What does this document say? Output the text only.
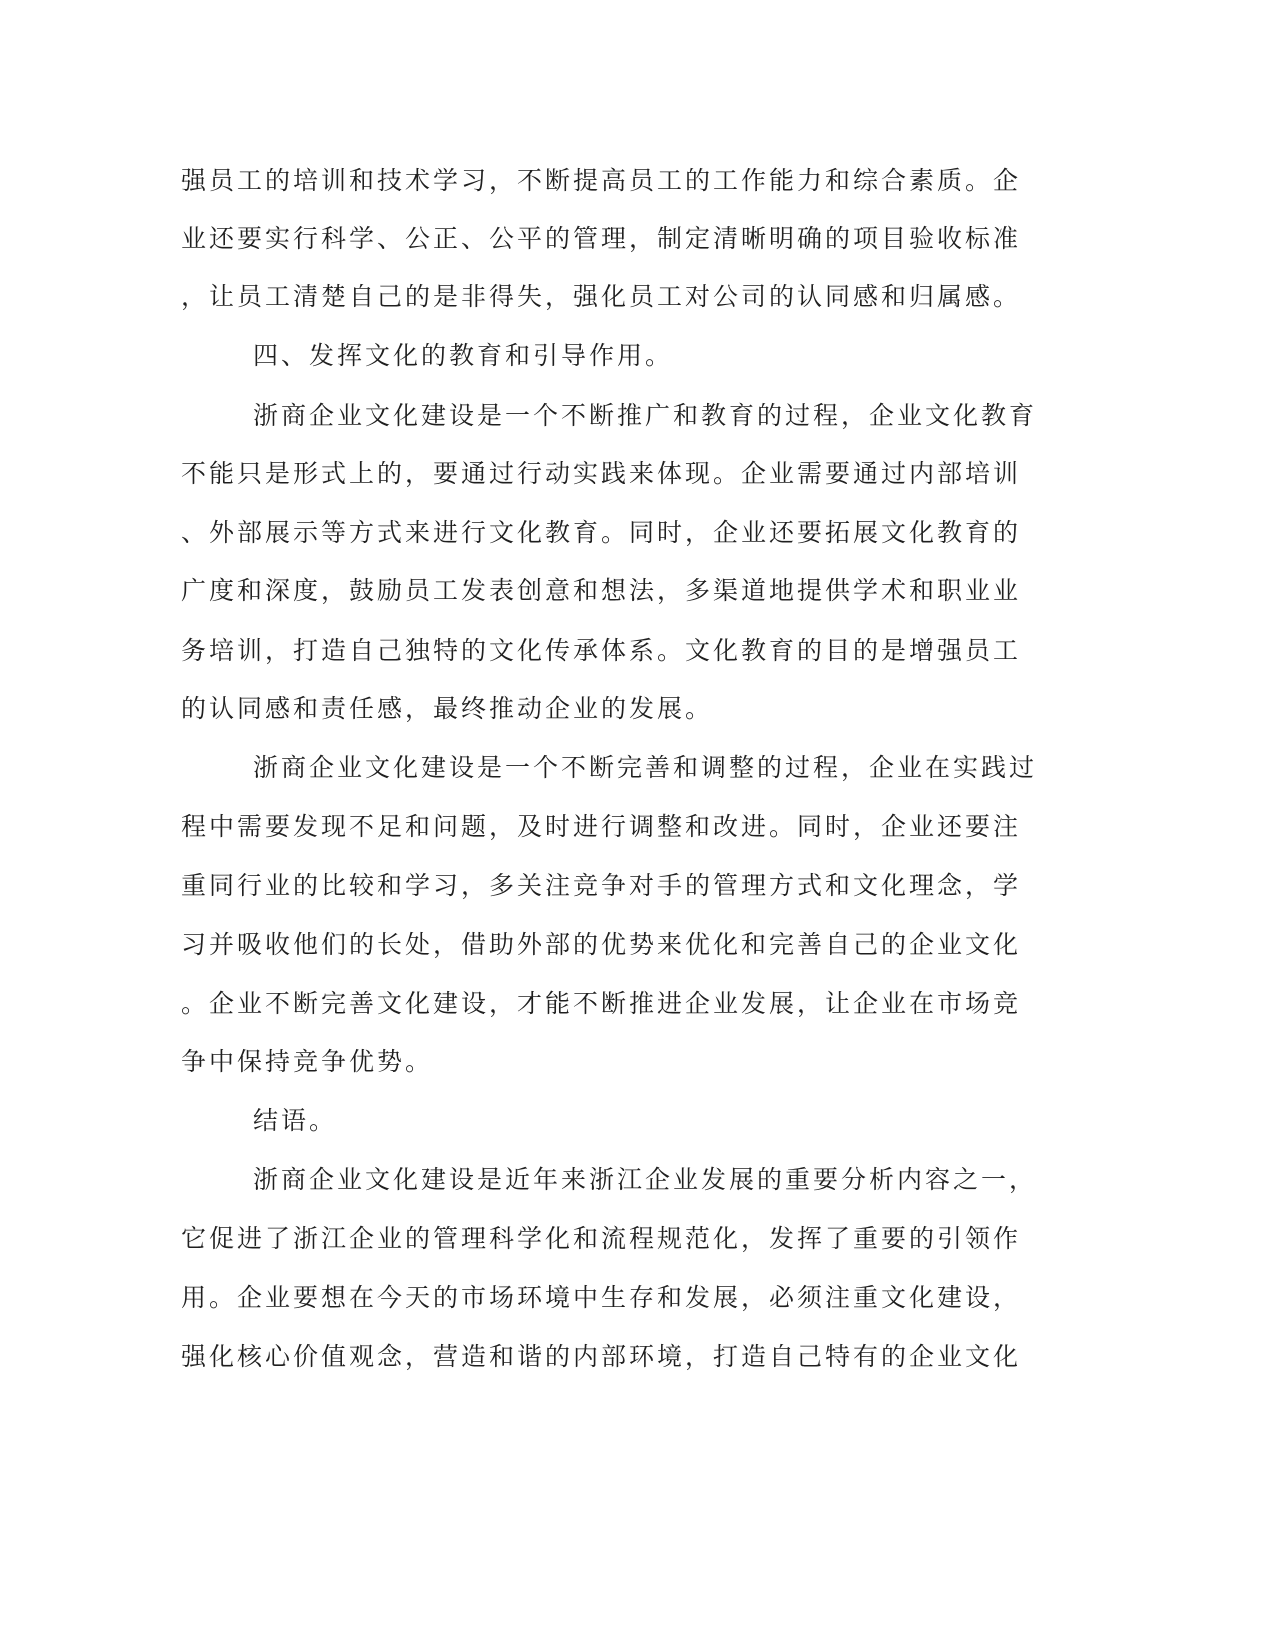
强员工的培训和技术学习，不断提高员工的工作能力和综合素质。企

业还要实行科学、公正、公平的管理，制定清晰明确的项目验收标准

，让员工清楚自己的是非得失，强化员工对公司的认同感和归属感。

四、发挥文化的教育和引导作用。

浙商企业文化建设是一个不断推广和教育的过程，企业文化教育

不能只是形式上的，要通过行动实践来体现。企业需要通过内部培训

、外部展示等方式来进行文化教育。同时，企业还要拓展文化教育的

广度和深度，鼓励员工发表创意和想法，多渠道地提供学术和职业业

务培训，打造自己独特的文化传承体系。文化教育的目的是增强员工

的认同感和责任感，最终推动企业的发展。

浙商企业文化建设是一个不断完善和调整的过程，企业在实践过

程中需要发现不足和问题，及时进行调整和改进。同时，企业还要注

重同行业的比较和学习，多关注竞争对手的管理方式和文化理念，学

习并吸收他们的长处，借助外部的优势来优化和完善自己的企业文化

。企业不断完善文化建设，才能不断推进企业发展，让企业在市场竞

争中保持竞争优势。

结语。

浙商企业文化建设是近年来浙江企业发展的重要分析内容之一，

它促进了浙江企业的管理科学化和流程规范化，发挥了重要的引领作

用。企业要想在今天的市场环境中生存和发展，必须注重文化建设，

强化核心价值观念，营造和谐的内部环境，打造自己特有的企业文化
